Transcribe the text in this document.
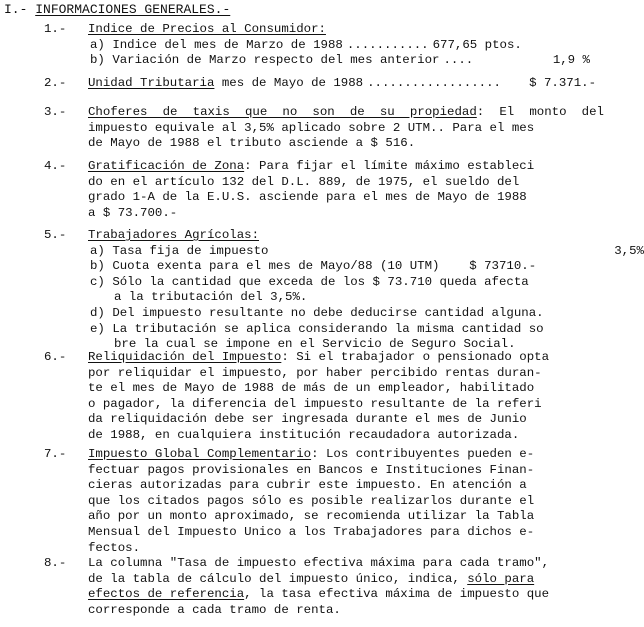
I.- INFORMACIONES GENERALES.-
1.-	Indice de Precios al Consumidor:
a) Indice del mes de Marzo de 1988 ........... 677,65 ptos.
b) Variación de Marzo respecto del mes anterior ....	1,9 %
2.-	Unidad Tributaria mes de Mayo de 1988 ..................	$ 7.371.-
3.-	Choferes de taxis que no son de su propiedad: El monto del
impuesto equivale al 3,5% aplicado sobre 2 UTM.. Para el mes
de Mayo de 1988 el tributo asciende a $ 516.
4.-	Gratificación de Zona: Para fijar el límite máximo estableci
do en el artículo 132 del D.L. 889, de 1975, el sueldo del
grado 1-A de la E.U.S. asciende para el mes de Mayo de 1988
a $ 73.700.-
5.-	Trabajadores Agrícolas:
a) Tasa fija de impuesto	3,5%
b) Cuota exenta para el mes de Mayo/88 (10 UTM) $ 73710.-
c) Sólo la cantidad que exceda de los $ 73.710 queda afecta
a la tributación del 3,5%.
d) Del impuesto resultante no debe deducirse cantidad alguna.
e) La tributación se aplica considerando la misma cantidad so
bre la cual se impone en el Servicio de Seguro Social.
6.-	Reliquidación del Impuesto: Si el trabajador o pensionado opta
por reliquidar el impuesto, por haber percibido rentas duran-
te el mes de Mayo de 1988 de más de un empleador, habilitado
o pagador, la diferencia del impuesto resultante de la referi
da reliquidación debe ser ingresada durante el mes de Junio
de 1988, en cualquiera institución recaudadora autorizada.
7.-	Impuesto Global Complementario: Los contribuyentes pueden e-
fectuar pagos provisionales en Bancos e Instituciones Finan-
cieras autorizadas para cubrir este impuesto. En atención a
que los citados pagos sólo es posible realizarlos durante el
año por un monto aproximado, se recomienda utilizar la Tabla
Mensual del Impuesto Unico a los Trabajadores para dichos e-
fectos.
8.-	La columna "Tasa de impuesto efectiva máxima para cada tramo",
de la tabla de cálculo del impuesto único, indica, sólo para
efectos de referencia, la tasa efectiva máxima de impuesto que
corresponde a cada tramo de renta.
